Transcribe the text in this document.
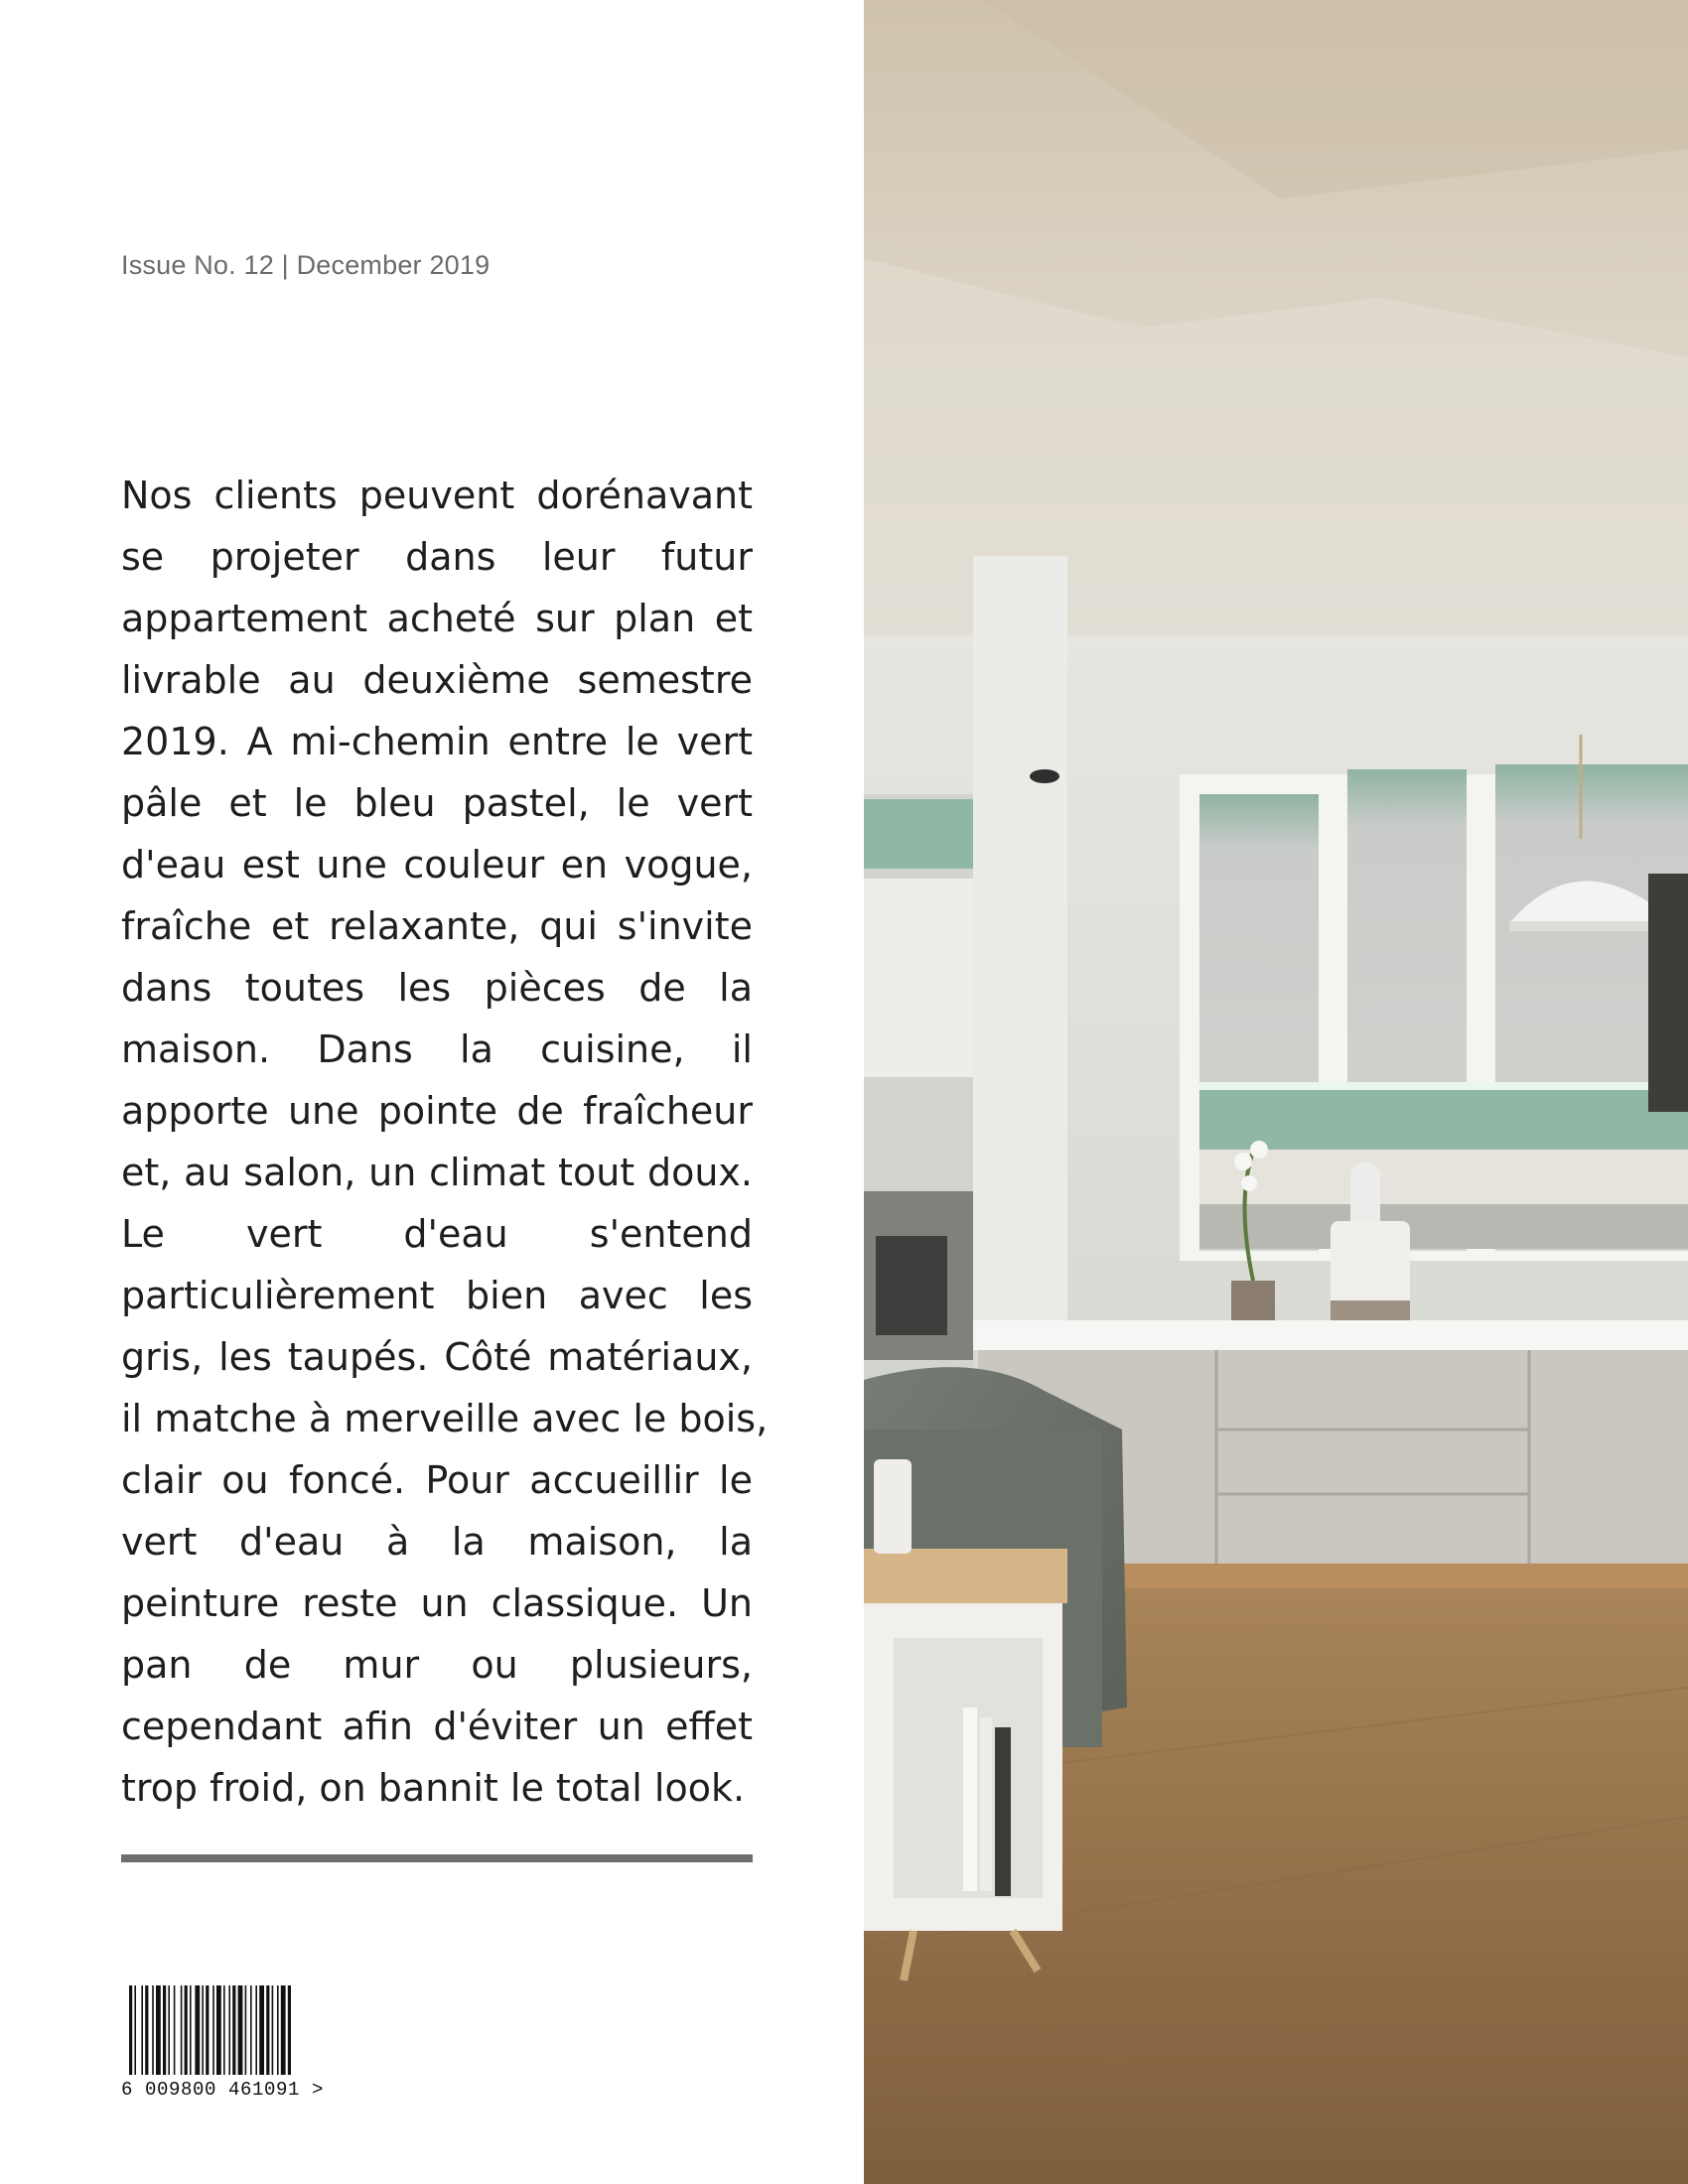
Issue No. 12 | December 2019
Nos clients peuvent dorénavant
se projeter dans leur futur
appartement acheté sur plan et
livrable au deuxième semestre
2019. A mi-chemin entre le vert
pâle et le bleu pastel, le vert
d'eau est une couleur en vogue,
fraîche et relaxante, qui s'invite
dans toutes les pièces de la
maison. Dans la cuisine, il
apporte une pointe de fraîcheur
et, au salon, un climat tout doux.
Le vert d'eau s'entend
particulièrement bien avec les
gris, les taupés. Côté matériaux,
il matche à merveille avec le bois,
clair ou foncé. Pour accueillir le
vert d'eau à la maison, la
peinture reste un classique. Un
pan de mur ou plusieurs,
cependant afin d'éviter un effet
trop froid, on bannit le total look.
6 009800 461091 >
